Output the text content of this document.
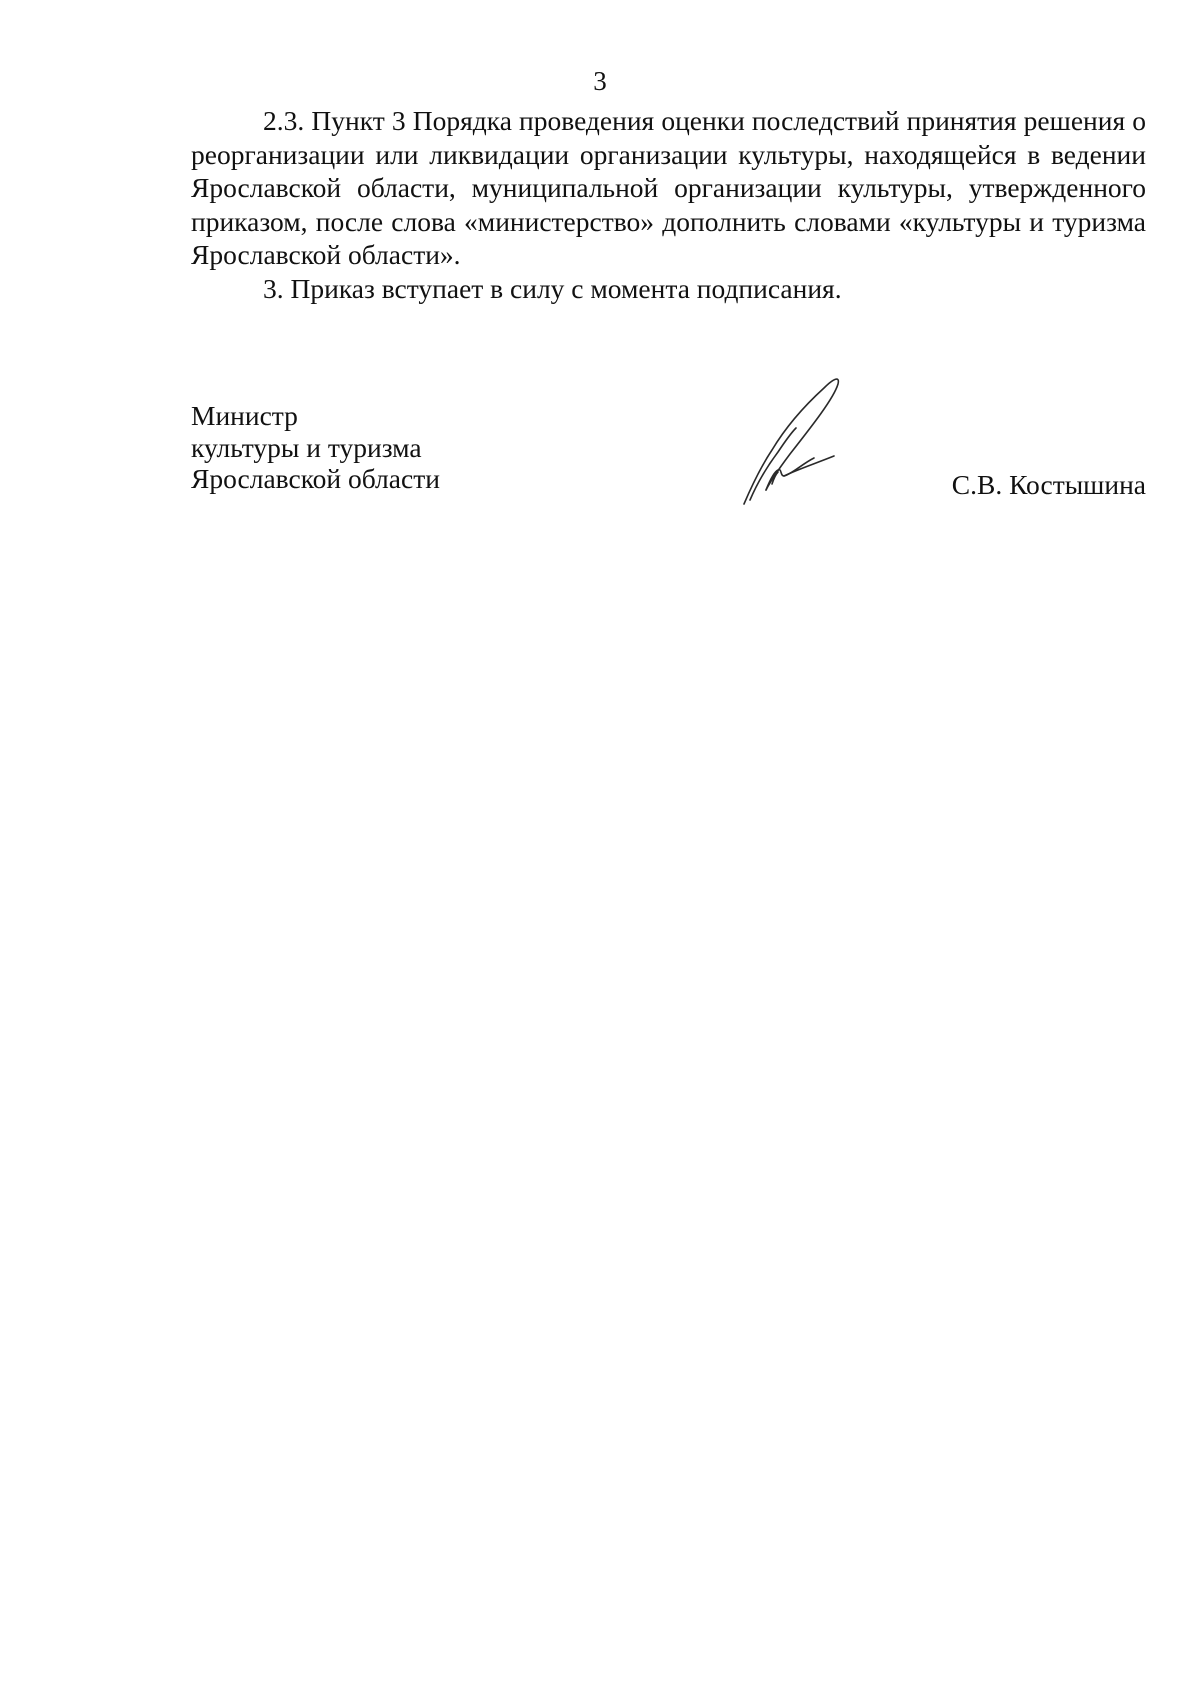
3

2.3. Пункт 3 Порядка проведения оценки последствий принятия решения о реорганизации или ликвидации организации культуры, находящейся в ведении Ярославской области, муниципальной организации культуры, утвержденного приказом, после слова «министерство» дополнить словами «культуры и туризма Ярославской области».

3. Приказ вступает в силу с момента подписания.

Министр
культуры и туризма
Ярославской области	С.В. Костышина
